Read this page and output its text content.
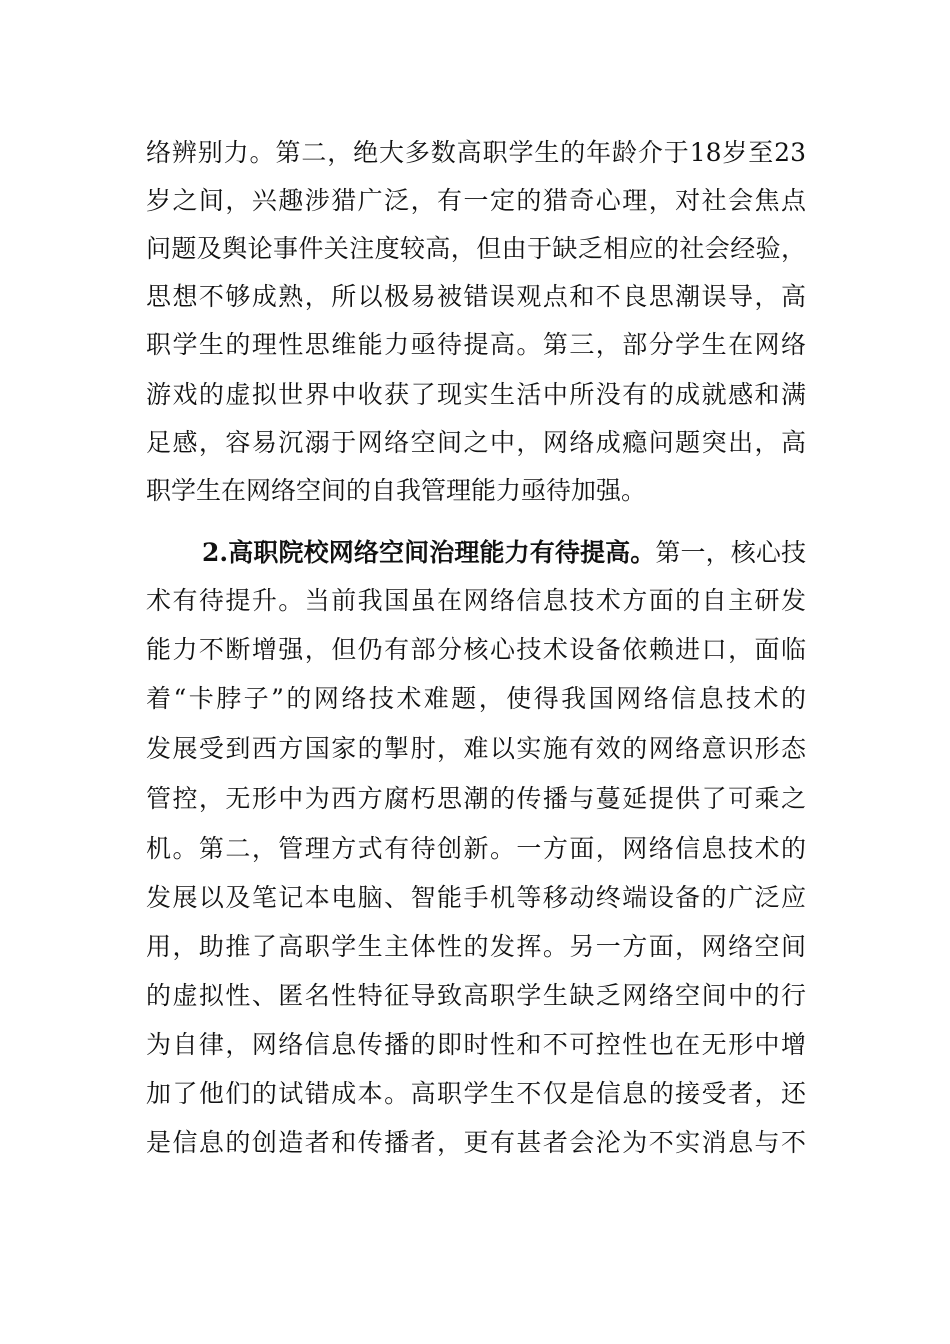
络辨别力。第二，绝大多数高职学生的年龄介于18岁至23
岁之间，兴趣涉猎广泛，有一定的猎奇心理，对社会焦点
问题及舆论事件关注度较高，但由于缺乏相应的社会经验，
思想不够成熟，所以极易被错误观点和不良思潮误导，高
职学生的理性思维能力亟待提高。第三，部分学生在网络
游戏的虚拟世界中收获了现实生活中所没有的成就感和满
足感，容易沉溺于网络空间之中，网络成瘾问题突出，高
职学生在网络空间的自我管理能力亟待加强。
2.高职院校网络空间治理能力有待提高。第一，核心技
术有待提升。当前我国虽在网络信息技术方面的自主研发
能力不断增强，但仍有部分核心技术设备依赖进口，面临
着“卡脖子”的网络技术难题，使得我国网络信息技术的
发展受到西方国家的掣肘，难以实施有效的网络意识形态
管控，无形中为西方腐朽思潮的传播与蔓延提供了可乘之
机。第二，管理方式有待创新。一方面，网络信息技术的
发展以及笔记本电脑、智能手机等移动终端设备的广泛应
用，助推了高职学生主体性的发挥。另一方面，网络空间
的虚拟性、匿名性特征导致高职学生缺乏网络空间中的行
为自律，网络信息传播的即时性和不可控性也在无形中增
加了他们的试错成本。高职学生不仅是信息的接受者，还
是信息的创造者和传播者，更有甚者会沦为不实消息与不
